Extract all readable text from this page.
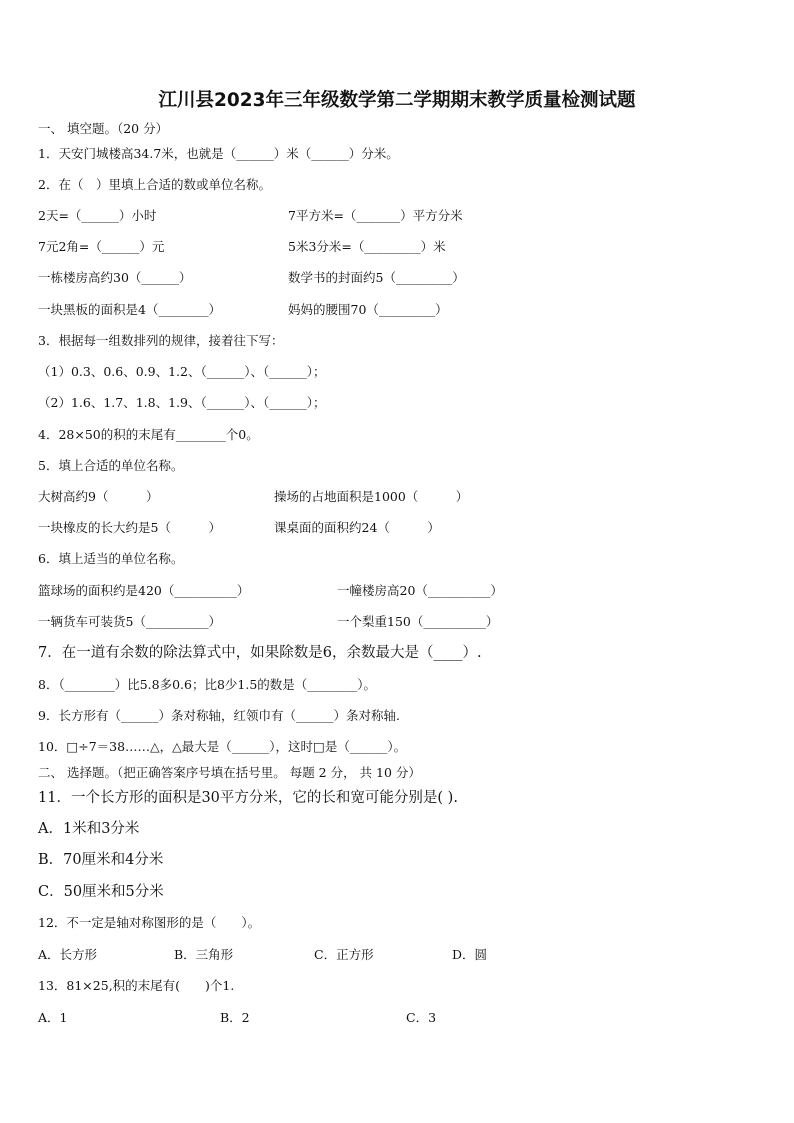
江川县2023年三年级数学第二学期期末教学质量检测试题
一、 填空题。（20 分）
1．天安门城楼高34.7米，也就是（______）米（______）分米。
2．在（　）里填上合适的数或单位名称。
2天=（______）小时	7平方米=（_______）平方分米
7元2角=（______）元	5米3分米=（_________）米
一栋楼房高约30（______）	数学书的封面约5（_________）
一块黑板的面积是4（________）	妈妈的腰围70（_________）
3．根据每一组数排列的规律，接着往下写：
（1）0.3、0.6、0.9、1.2、（______）、（______）；
（2）1.6、1.7、1.8、1.9、（______）、（______）；
4．28×50的积的末尾有________个0。
5．填上合适的单位名称。
大树高约9（　　　）	操场的占地面积是1000（　　　）
一块橡皮的长大约是5（　　　）	课桌面的面积约24（　　　）
6．填上适当的单位名称。
篮球场的面积约是420（__________）	一幢楼房高20（__________）
一辆货车可装货5（__________）	一个梨重150（__________）
7．在一道有余数的除法算式中，如果除数是6，余数最大是（____）.
8．（________）比5.8多0.6；比8少1.5的数是（________）。
9．长方形有（______）条对称轴，红领巾有（______）条对称轴.
10．□÷7＝38……△，△最大是（______），这时□是（______）。
二、 选择题。（把正确答案序号填在括号里。 每题 2 分， 共 10 分）
11．一个长方形的面积是30平方分米，它的长和宽可能分别是( ).
A．1米和3分米
B．70厘米和4分米
C．50厘米和5分米
12．不一定是轴对称图形的是（　　）。
A．长方形	B．三角形	C．正方形	D．圆
13．81×25,积的末尾有(　　)个1.
A．1	B．2	C．3
